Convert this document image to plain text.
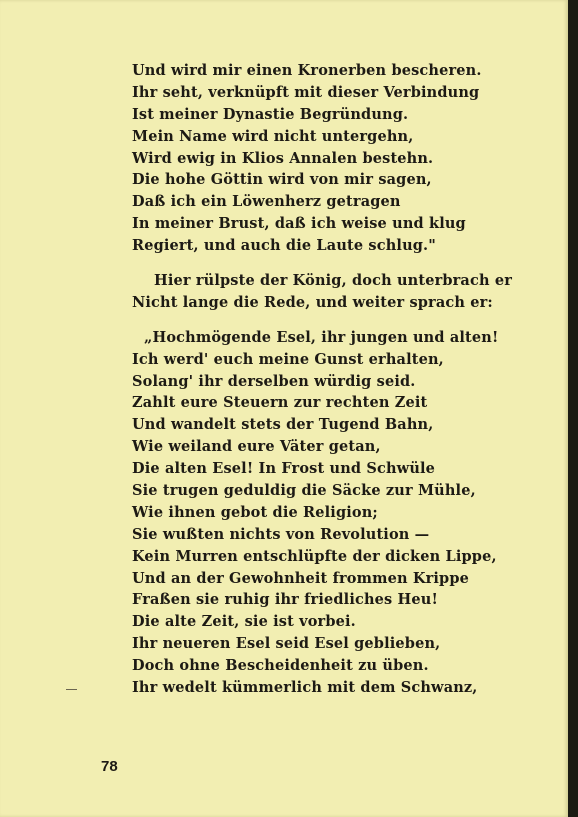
Und wird mir einen Kronerben bescheren.
Ihr seht, verknüpft mit dieser Verbindung
Ist meiner Dynastie Begründung.
Mein Name wird nicht untergehn,
Wird ewig in Klios Annalen bestehn.
Die hohe Göttin wird von mir sagen,
Daß ich ein Löwenherz getragen
In meiner Brust, daß ich weise und klug
Regiert, und auch die Laute schlug."
Hier rülpste der König, doch unterbrach er
Nicht lange die Rede, und weiter sprach er:
„Hochmögende Esel, ihr jungen und alten!
Ich werd' euch meine Gunst erhalten,
Solang' ihr derselben würdig seid.
Zahlt eure Steuern zur rechten Zeit
Und wandelt stets der Tugend Bahn,
Wie weiland eure Väter getan,
Die alten Esel! In Frost und Schwüle
Sie trugen geduldig die Säcke zur Mühle,
Wie ihnen gebot die Religion;
Sie wußten nichts von Revolution —
Kein Murren entschlüpfte der dicken Lippe,
Und an der Gewohnheit frommen Krippe
Fraßen sie ruhig ihr friedliches Heu!
Die alte Zeit, sie ist vorbei.
Ihr neueren Esel seid Esel geblieben,
Doch ohne Bescheidenheit zu üben.
Ihr wedelt kümmerlich mit dem Schwanz,
78
